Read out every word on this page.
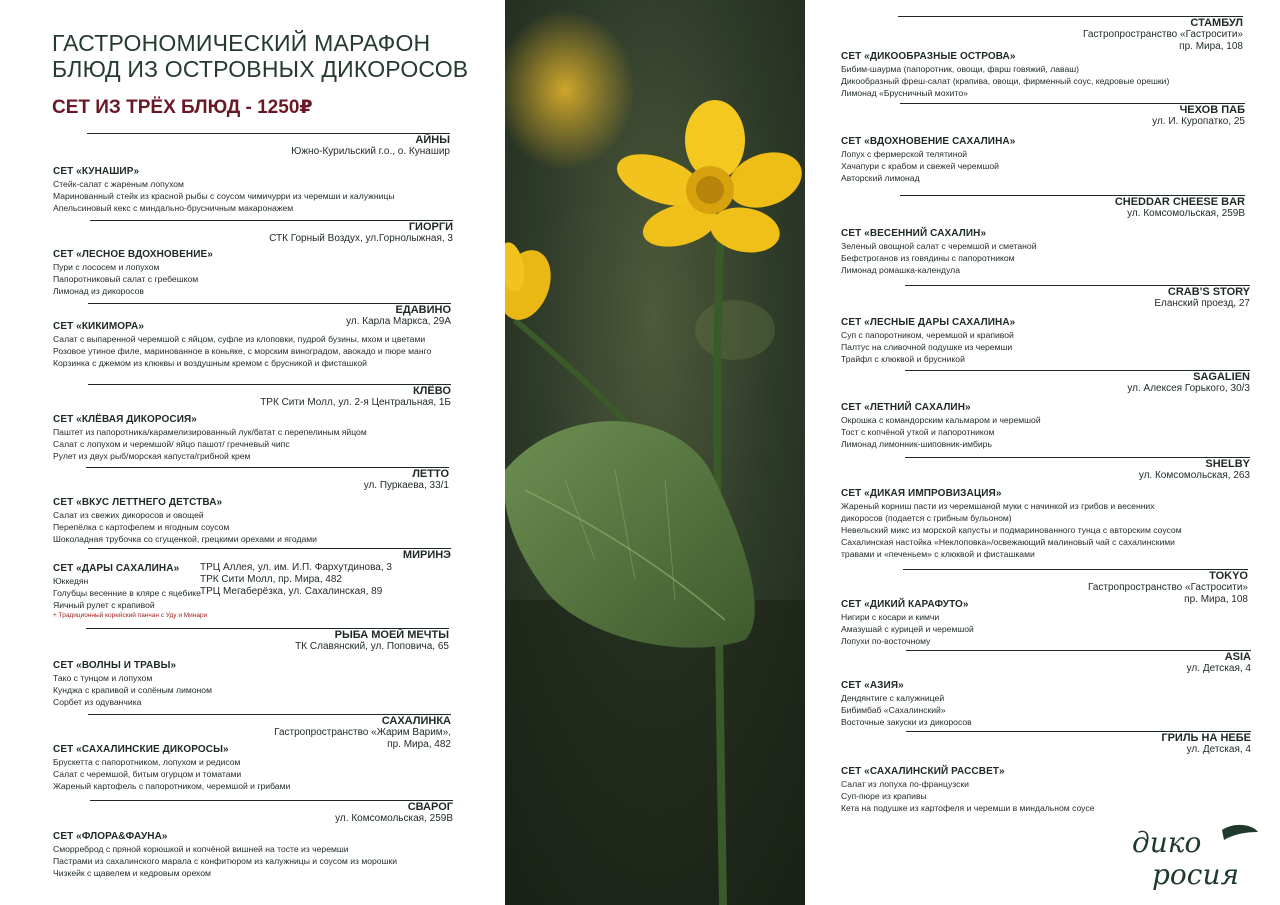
ГАСТРОНОМИЧЕСКИЙ МАРАФОН
БЛЮД ИЗ ОСТРОВНЫХ ДИКОРОСОВ
СЕТ ИЗ ТРЁХ БЛЮД - 1250₽
АЙНЫ
Южно-Курильский г.о., о. Кунашир
СЕТ «КУНАШИР»
Стейк-салат с жареным лопухом
Маринованный стейк из красной рыбы с соусом чимичурри из черемши и калужницы
Апельсиновый кекс с миндально-брусничным макаронажем
ГИОРГИ
СТК Горный Воздух, ул.Горнолыжная, 3
СЕТ «ЛЕСНОЕ ВДОХНОВЕНИЕ»
Пури с лососем и лопухом
Папоротниковый салат с гребешком
Лимонад из дикоросов
ЕДАВИНО
ул. Карла Маркса, 29А
СЕТ «КИКИМОРА»
Салат с выпаренной черемшой с яйцом, суфле из клоповки, пудрой бузины, мхом и цветами
Розовое утиное филе, маринованное в коньяке, с морским виноградом, авокадо и пюре манго
Корзинка с джемом из клюквы и воздушным кремом с брусникой и фисташкой
КЛЁВО
ТРК Сити Молл, ул. 2-я Центральная, 1Б
СЕТ «КЛЁВАЯ ДИКОРОСИЯ»
Паштет из папоротника/карамелизированный лук/батат с перепелиным яйцом
Салат с лопухом и черемшой/ яйцо пашот/ гречневый чипс
Рулет из двух рыб/морская капуста/грибной крем
ЛЕТТО
ул. Пуркаева, 33/1
СЕТ «ВКУС ЛЕТТНЕГО ДЕТСТВА»
Салат из свежих дикоросов и овощей
Перепёлка с картофелем и ягодным соусом
Шоколадная трубочка со сгущенкой, грецкими орехами и ягодами
МИРИНЭ
ТРЦ Аллея, ул. им. И.П. Фархутдинова, 3
ТРК Сити Молл, пр. Мира, 482
ТРЦ Мегаберёзка, ул. Сахалинская, 89
СЕТ «ДАРЫ САХАЛИНА»
Юккедян
Голубцы весенние в кляре с яцебике
Яичный рулет с крапивой
+ Традиционный корейский панчан с Уду и Минари
РЫБА МОЕЙ МЕЧТЫ
ТК Славянский, ул. Поповича, 65
СЕТ «ВОЛНЫ И ТРАВЫ»
Тако с тунцом и лопухом
Кунджа с крапивой и солёным лимоном
Сорбет из одуванчика
САХАЛИНКА
Гастропространство «Жарим Варим»,
пр. Мира, 482
СЕТ «САХАЛИНСКИЕ ДИКОРОСЫ»
Брускетта с папоротником, лопухом и редисом
Салат с черемшой, битым огурцом и томатами
Жареный картофель с папоротником, черемшой и грибами
СВАРОГ
ул. Комсомольская, 259В
СЕТ «ФЛОРА&ФАУНА»
Сморреброд с пряной корюшкой и копчёной вишней на тосте из черемши
Пастрами из сахалинского марала с конфитюром из калужницы и соусом из морошки
Чизкейк с щавелем и кедровым орехом
СТАМБУЛ
Гастропространство «Гастросити»
пр. Мира, 108
СЕТ «ДИКООБРАЗНЫЕ ОСТРОВА»
Бибим-шаурма (папоротник, овощи, фарш говяжий, лаваш)
Дикообразный фреш-салат (крапива, овощи, фирменный соус, кедровые орешки)
Лимонад «Брусничный мохито»
ЧЕХОВ ПАБ
ул. И. Куропатко, 25
СЕТ «ВДОХНОВЕНИЕ САХАЛИНА»
Лопух с фермерской телятиной
Хачапури с крабом и свежей черемшой
Авторский лимонад
CHEDDAR CHEESE BAR
ул. Комсомольская, 259В
СЕТ «ВЕСЕННИЙ САХАЛИН»
Зеленый овощной салат с черемшой и сметаной
Бефстроганов из говядины с папоротником
Лимонад ромашка-календула
CRAB'S STORY
Еланский проезд, 27
СЕТ «ЛЕСНЫЕ ДАРЫ САХАЛИНА»
Суп с папоротником, черемшой и крапивой
Палтус на сливочной подушке из черемши
Трайфл с клюквой и брусникой
SAGALIEN
ул. Алексея Горького, 30/3
СЕТ «ЛЕТНИЙ САХАЛИН»
Окрошка с командорским кальмаром и черемшой
Тост с копчёной уткой и папоротником
Лимонад лимонник-шиповник-имбирь
SHELBY
ул. Комсомольская, 263
СЕТ «ДИКАЯ ИМПРОВИЗАЦИЯ»
Жареный корниш пасти из черемшаной муки с начинкой из грибов и весенних
дикоросов (подается с грибным бульоном)
Невельский микс из морской капусты и подмаринованного тунца с авторским соусом
Сахалинская настойка «Неклоповка»/освежающий малиновый чай с сахалинскими
травами и «печеньем» с клюквой и фисташками
TOKYO
Гастропространство «Гастросити»
пр. Мира, 108
СЕТ «ДИКИЙ КАРАФУТО»
Нигири с косари и кимчи
Амазушай с курицей и черемшой
Лопухи по-восточному
ASIA
ул. Детская, 4
СЕТ «АЗИЯ»
Дендянтиге с калужницей
Бибимбаб «Сахалинский»
Восточные закуски из дикоросов
ГРИЛЬ НА НЕБЕ
ул. Детская, 4
СЕТ «САХАЛИНСКИЙ РАССВЕТ»
Салат из лопуха по-французски
Суп-пюре из крапивы
Кета на подушке из картофеля и черемши в миндальном соусе
дико
росия
